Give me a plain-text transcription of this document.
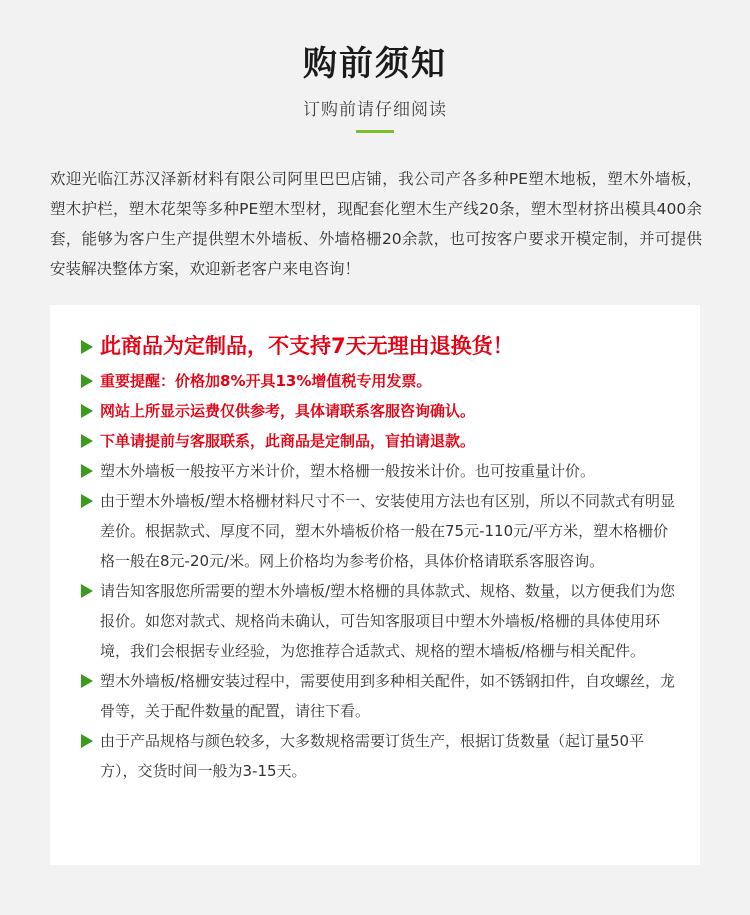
购前须知
订购前请仔细阅读
欢迎光临江苏汉泽新材料有限公司阿里巴巴店铺，我公司产各多种PE塑木地板，塑木外墙板，塑木护栏，塑木花架等多种PE塑木型材，现配套化塑木生产线20条，塑木型材挤出模具400余套，能够为客户生产提供塑木外墙板、外墙格栅20余款，也可按客户要求开模定制，并可提供安装解决整体方案，欢迎新老客户来电咨询！
此商品为定制品，不支持7天无理由退换货！
重要提醒：价格加8%开具13%增值税专用发票。
网站上所显示运费仅供参考，具体请联系客服咨询确认。
下单请提前与客服联系，此商品是定制品，盲拍请退款。
塑木外墙板一般按平方米计价，塑木格栅一般按米计价。也可按重量计价。
由于塑木外墙板/塑木格栅材料尺寸不一、安装使用方法也有区别，所以不同款式有明显差价。根据款式、厚度不同，塑木外墙板价格一般在75元-110元/平方米，塑木格栅价格一般在8元-20元/米。网上价格均为参考价格，具体价格请联系客服咨询。
请告知客服您所需要的塑木外墙板/塑木格栅的具体款式、规格、数量，以方便我们为您报价。如您对款式、规格尚未确认，可告知客服项目中塑木外墙板/格栅的具体使用环境，我们会根据专业经验，为您推荐合适款式、规格的塑木墙板/格栅与相关配件。
塑木外墙板/格栅安装过程中，需要使用到多种相关配件，如不锈钢扣件，自攻螺丝，龙骨等，关于配件数量的配置，请往下看。
由于产品规格与颜色较多，大多数规格需要订货生产，根据订货数量（起订量50平方），交货时间一般为3-15天。
